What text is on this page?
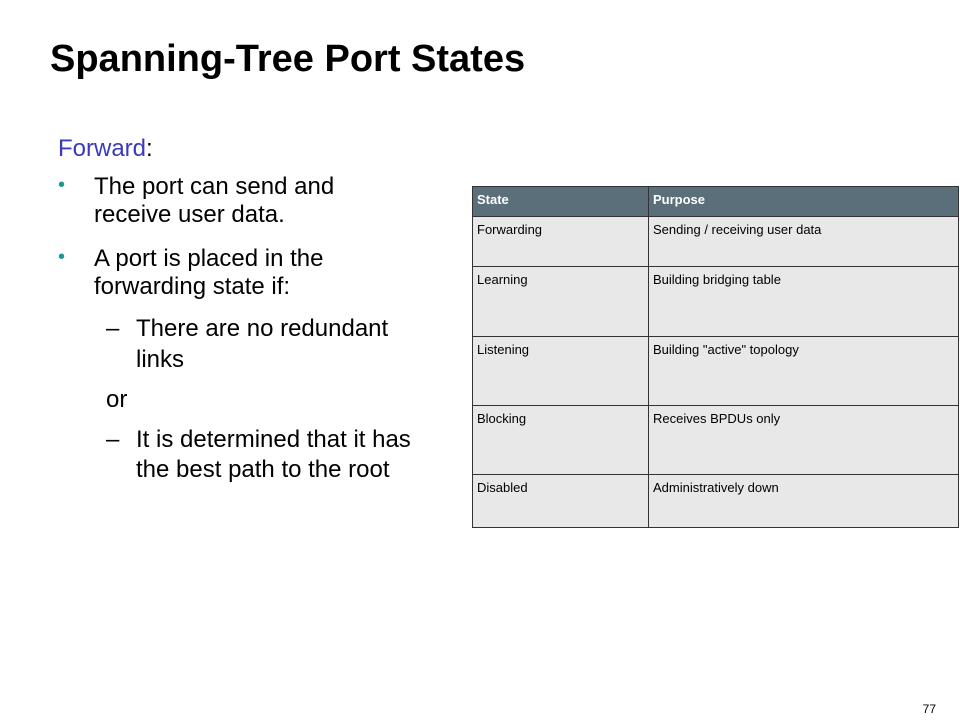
Spanning-Tree Port States
Forward:
• The port can send and
receive user data.
• A port is placed in the
forwarding state if:
– There are no redundant
links
or
– It is determined that it has
the best path to the root
State	Purpose
Forwarding	Sending / receiving user data
Learning	Building bridging table
Listening	Building "active" topology
Blocking	Receives BPDUs only
Disabled	Administratively down
77
